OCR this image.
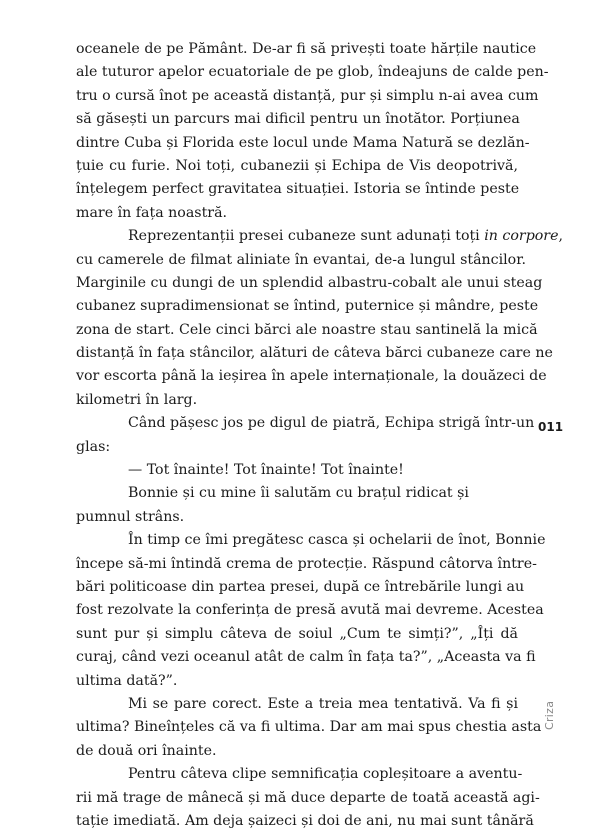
oceanele de pe Pământ. De-ar fi să privești toate hărțile nautice
ale tuturor apelor ecuatoriale de pe glob, îndeajuns de calde pen-
tru o cursă înot pe această distanță, pur și simplu n-ai avea cum
să găsești un parcurs mai dificil pentru un înotător. Porțiunea
dintre Cuba și Florida este locul unde Mama Natură se dezlăn-
țuie cu furie. Noi toți, cubanezii și Echipa de Vis deopotrivă,
înțelegem perfect gravitatea situației. Istoria se întinde peste
mare în fața noastră.
Reprezentanții presei cubaneze sunt adunați toți in corpore,
cu camerele de filmat aliniate în evantai, de-a lungul stâncilor.
Marginile cu dungi de un splendid albastru-cobalt ale unui steag
cubanez supradimensionat se întind, puternice și mândre, peste
zona de start. Cele cinci bărci ale noastre stau santinelă la mică
distanță în fața stâncilor, alături de câteva bărci cubaneze care ne
vor escorta până la ieșirea în apele internaționale, la douăzeci de
kilometri în larg.
Când pășesc jos pe digul de piatră, Echipa strigă într-un
glas:
— Tot înainte! Tot înainte! Tot înainte!
Bonnie și cu mine îi salutăm cu brațul ridicat și
pumnul strâns.
În timp ce îmi pregătesc casca și ochelarii de înot, Bonnie
începe să-mi întindă crema de protecție. Răspund câtorva între-
bări politicoase din partea presei, după ce întrebările lungi au
fost rezolvate la conferința de presă avută mai devreme. Acestea
sunt pur și simplu câteva de soiul „Cum te simți?”, „Îți dă
curaj, când vezi oceanul atât de calm în fața ta?”, „Aceasta va fi
ultima dată?”.
Mi se pare corect. Este a treia mea tentativă. Va fi și
ultima? Bineînțeles că va fi ultima. Dar am mai spus chestia asta
de două ori înainte.
Pentru câteva clipe semnificația copleșitoare a aventu-
rii mă trage de mânecă și mă duce departe de toată această agi-
tație imediată. Am deja șaizeci și doi de ani, nu mai sunt tânără
011
Criza
